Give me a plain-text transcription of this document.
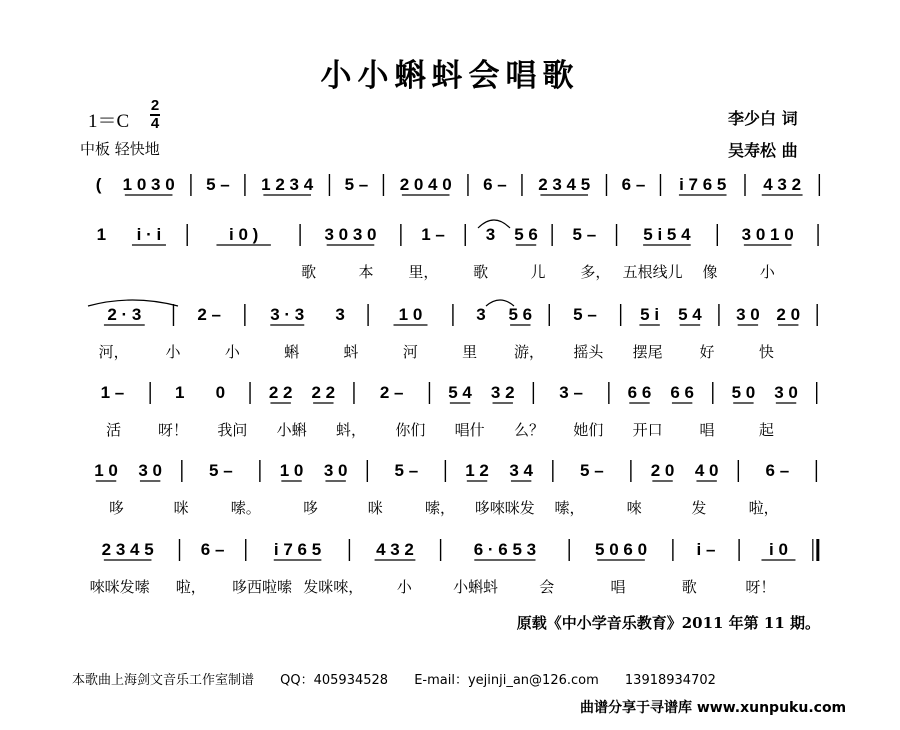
小小蝌蚪会唱歌
1＝C
2
4
中板 轻快地
李少白 词
吴寿松 曲
( 1 0 3 0 5 – 1 2 3 4 5 – 2 0 4 0 6 – 2 3 4 5 6 – i 7 6 5 4 3 2
1 i · i	i 0 )	3 0 3 0	1 – 3 5 6 5 –	5 i 5 4	3 0 1 0
歌	本 里， 歌	儿 多， 五根线儿 像	小
2 · 3	2 –	3 · 3 3	1 0	3 5 6 5 –	5 i 5 4 3 0 2 0
河， 小	小	蝌	蚪	河	里 游， 摇头 摆尾 好	快
1 –	1 0	2 2 2 2	2 –	5 4 3 2	3 –	6 6 6 6 5 0 3 0
活 呀！ 我问 小蝌 蚪， 你们 唱什 么？ 她们 开口 唱	起
1 0 3 0	5 –	1 0 3 0	5 –	1 2 3 4	5 –	2 0 4 0	6 –
哆	咪	嗦。	哆	咪	嗦， 哆唻咪发 嗦，	唻	发	啦，
2 3 4 5	6 –	i 7 6 5	4 3 2	6 · 6 5 3	5 0 6 0	i –	i 0
唻咪发嗦 啦， 哆西啦嗦 发咪唻， 小	小蝌蚪	会	唱	歌	呀！
原载《中小学音乐教育》2011 年第 11 期。
本歌曲上海剑文音乐工作室制谱 QQ：405934528 E-mail：yejinji_an@126.com 13918934702
曲谱分享于寻谱库 www.xunpuku.com
